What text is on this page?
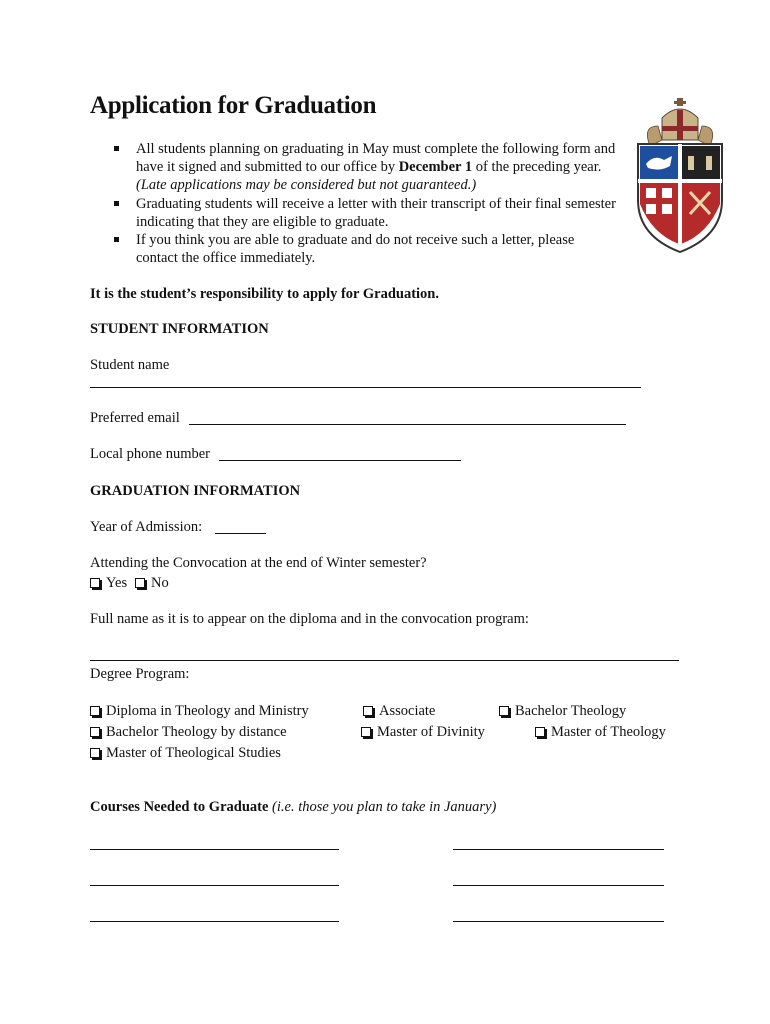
Application for Graduation
All students planning on graduating in May must complete the following form and have it signed and submitted to our office by December 1 of the preceding year. (Late applications may be considered but not guaranteed.)
Graduating students will receive a letter with their transcript of their final semester indicating that they are eligible to graduate.
If you think you are able to graduate and do not receive such a letter, please contact the office immediately.
It is the student’s responsibility to apply for Graduation.
STUDENT INFORMATION
Student name
Preferred email
Local phone number
GRADUATION INFORMATION
Year of Admission:
Attending the Convocation at the end of Winter semester?
Yes	No
Full name as it is to appear on the diploma and in the convocation program:
Degree Program:
Diploma in Theology and Ministry	Associate	Bachelor Theology
Bachelor Theology by distance	Master of Divinity	Master of Theology
Master of Theological Studies
Courses Needed to Graduate (i.e. those you plan to take in January)
